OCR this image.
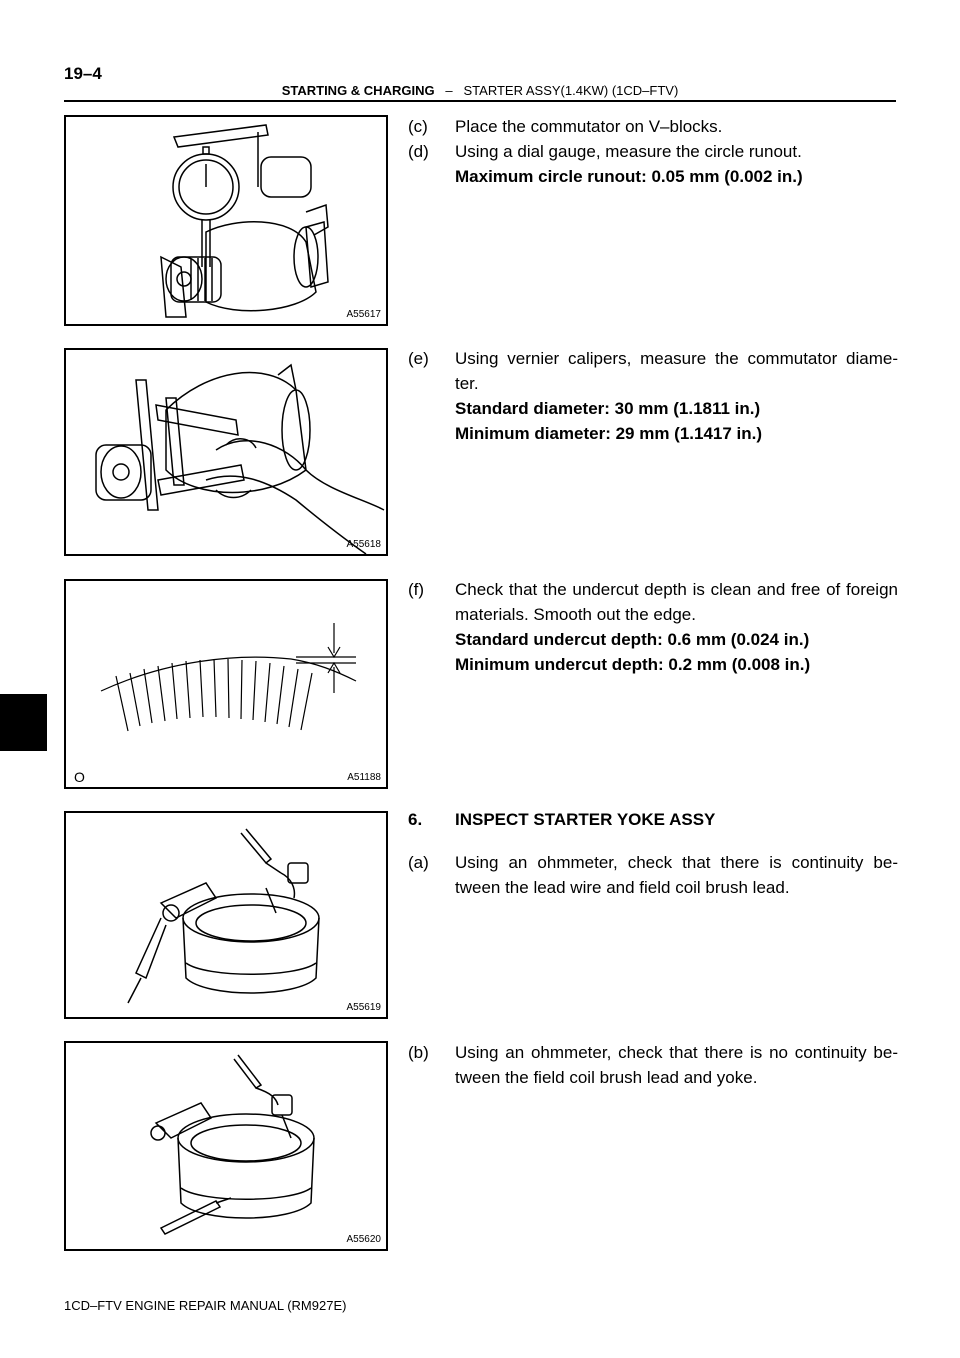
19–4
STARTING & CHARGING – STARTER ASSY(1.4KW) (1CD–FTV)
A55617
A55618
O	A51188
A55619
A55620
(c) Place the commutator on V–blocks.
(d) Using a dial gauge, measure the circle runout.
Maximum circle runout: 0.05 mm (0.002 in.)
(e) Using vernier calipers, measure the commutator diame- ter.
Standard diameter: 30 mm (1.1811 in.)
Minimum diameter: 29 mm (1.1417 in.)
(f) Check that the undercut depth is clean and free of foreign materials. Smooth out the edge.
Standard undercut depth: 0.6 mm (0.024 in.)
Minimum undercut depth: 0.2 mm (0.008 in.)
6. INSPECT STARTER YOKE ASSY
(a) Using an ohmmeter, check that there is continuity be- tween the lead wire and field coil brush lead.
(b) Using an ohmmeter, check that there is no continuity be- tween the field coil brush lead and yoke.
1CD–FTV ENGINE REPAIR MANUAL (RM927E)
